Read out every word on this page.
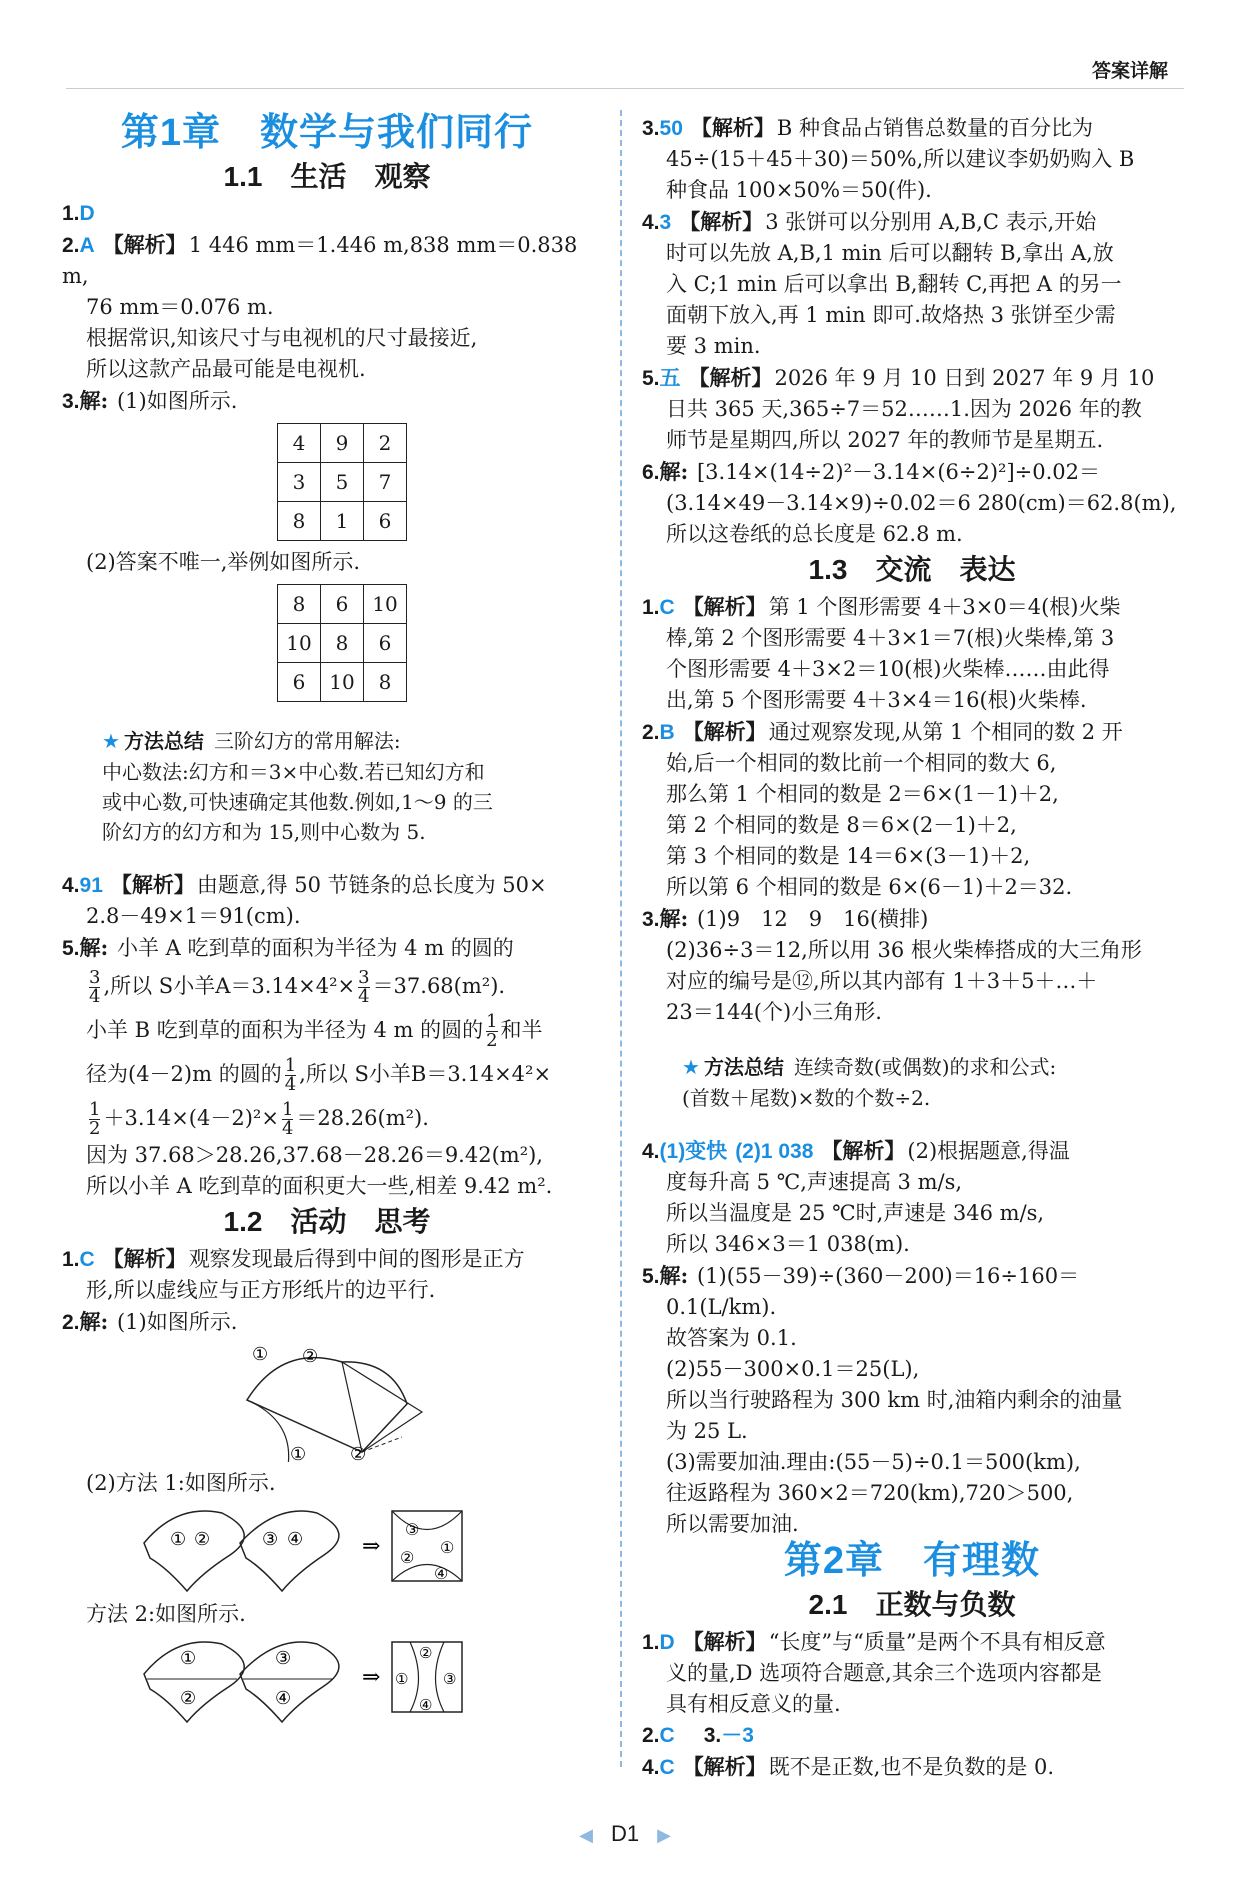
答案详解
第1章　数学与我们同行
1.1　生活　观察

1.D

2.A 【解析】1 446 mm＝1.446 m,838 mm＝0.838 m,

76 mm＝0.076 m.

根据常识,知该尺寸与电视机的尺寸最接近,

所以这款产品最可能是电视机.

3.解: (1)如图所示.

4	9	2
3	5	7
8	1	6

(2)答案不唯一,举例如图所示.

8	6	10
10	8	6
6	10	8
★ 方法总结 三阶幻方的常用解法:
中心数法:幻方和＝3×中心数.若已知幻方和
或中心数,可快速确定其他数.例如,1～9 的三
阶幻方的幻方和为 15,则中心数为 5.

4.91 【解析】由题意,得 50 节链条的总长度为 50×

2.8－49×1＝91(cm).

5.解: 小羊 A 吃到草的面积为半径为 4 m 的圆的

$\frac{3}{4}$ ,所以 S小羊$A=3.14\times 4^2\times \frac{3}{4} =37.68(m^2)$.

小羊 B 吃到草的面积为半径为 4 m 的圆的 $\frac{1}{2}$ 和半

径为(4－2)m 的圆的 $\frac{1}{4}$ ,所以 S小羊B＝3.14×4²×

$\frac{1}{2} +3.14\times(4-2)^2\times \frac{1}{4} =28.26(m^2)$.

因为 37.68＞28.26,37.68－28.26＝9.42(m²),

所以小羊 A 吃到草的面积更大一些,相差 9.42 m².

1.2　活动　思考

1.C 【解析】观察发现最后得到中间的图形是正方

形,所以虚线应与正方形纸片的边平行.

2.解: (1)如图所示.

① ②
① ②

(2)方法 1:如图所示.

① ②	③ ④	⇒
③
①
②
④

方法 2:如图所示.

①
②
③
④
⇒
②
① ③
④

3.50 【解析】B 种食品占销售总数量的百分比为

45÷(15＋45＋30)＝50%,所以建议李奶奶购入 B

种食品 100×50%＝50(件).

4.3 【解析】3 张饼可以分别用 A,B,C 表示,开始

时可以先放 A,B,1 min 后可以翻转 B,拿出 A,放

入 C;1 min 后可以拿出 B,翻转 C,再把 A 的另一

面朝下放入,再 1 min 即可.故烙热 3 张饼至少需

要 3 min.

5.五 【解析】2026 年 9 月 10 日到 2027 年 9 月 10

日共 365 天,365÷7＝52……1.因为 2026 年的教

师节是星期四,所以 2027 年的教师节是星期五.

6.解: [3.14×(14÷2)²－3.14×(6÷2)²]÷0.02＝

(3.14×49－3.14×9)÷0.02＝6 280(cm)＝62.8(m),

所以这卷纸的总长度是 62.8 m.

1.3　交流　表达

1.C 【解析】第 1 个图形需要 4＋3×0＝4(根)火柴

棒,第 2 个图形需要 4＋3×1＝7(根)火柴棒,第 3

个图形需要 4＋3×2＝10(根)火柴棒……由此得

出,第 5 个图形需要 4＋3×4＝16(根)火柴棒.

2.B 【解析】通过观察发现,从第 1 个相同的数 2 开

始,后一个相同的数比前一个相同的数大 6,

那么第 1 个相同的数是 2＝6×(1－1)＋2,

第 2 个相同的数是 8＝6×(2－1)＋2,

第 3 个相同的数是 14＝6×(3－1)＋2,

所以第 6 个相同的数是 6×(6－1)＋2＝32.

3.解: (1)9　12　9　16(横排)

(2)36÷3＝12,所以用 36 根火柴棒搭成的大三角形

对应的编号是⑫,所以其内部有 1＋3＋5＋…＋

23＝144(个)小三角形.

★ 方法总结 连续奇数(或偶数)的求和公式:
(首数＋尾数)×数的个数÷2.

4.(1)变快 (2)1 038 【解析】(2)根据题意,得温

度每升高 5 ℃,声速提高 3 m/s,

所以当温度是 25 ℃时,声速是 346 m/s,

所以 346×3＝1 038(m).

5.解: (1)(55－39)÷(360－200)＝16÷160＝

0.1(L/km).

故答案为 0.1.

(2)55－300×0.1＝25(L),

所以当行驶路程为 300 km 时,油箱内剩余的油量

为 25 L.

(3)需要加油.理由:(55－5)÷0.1＝500(km),

往返路程为 360×2＝720(km),720＞500,

所以需要加油.

第2章　有理数
2.1　正数与负数

1.D 【解析】“长度”与“质量”是两个不具有相反意

义的量,D 选项符合题意,其余三个选项内容都是

具有相反意义的量.

2.C　 3.－3

4.C 【解析】既不是正数,也不是负数的是 0.

◀ D1 ▶
